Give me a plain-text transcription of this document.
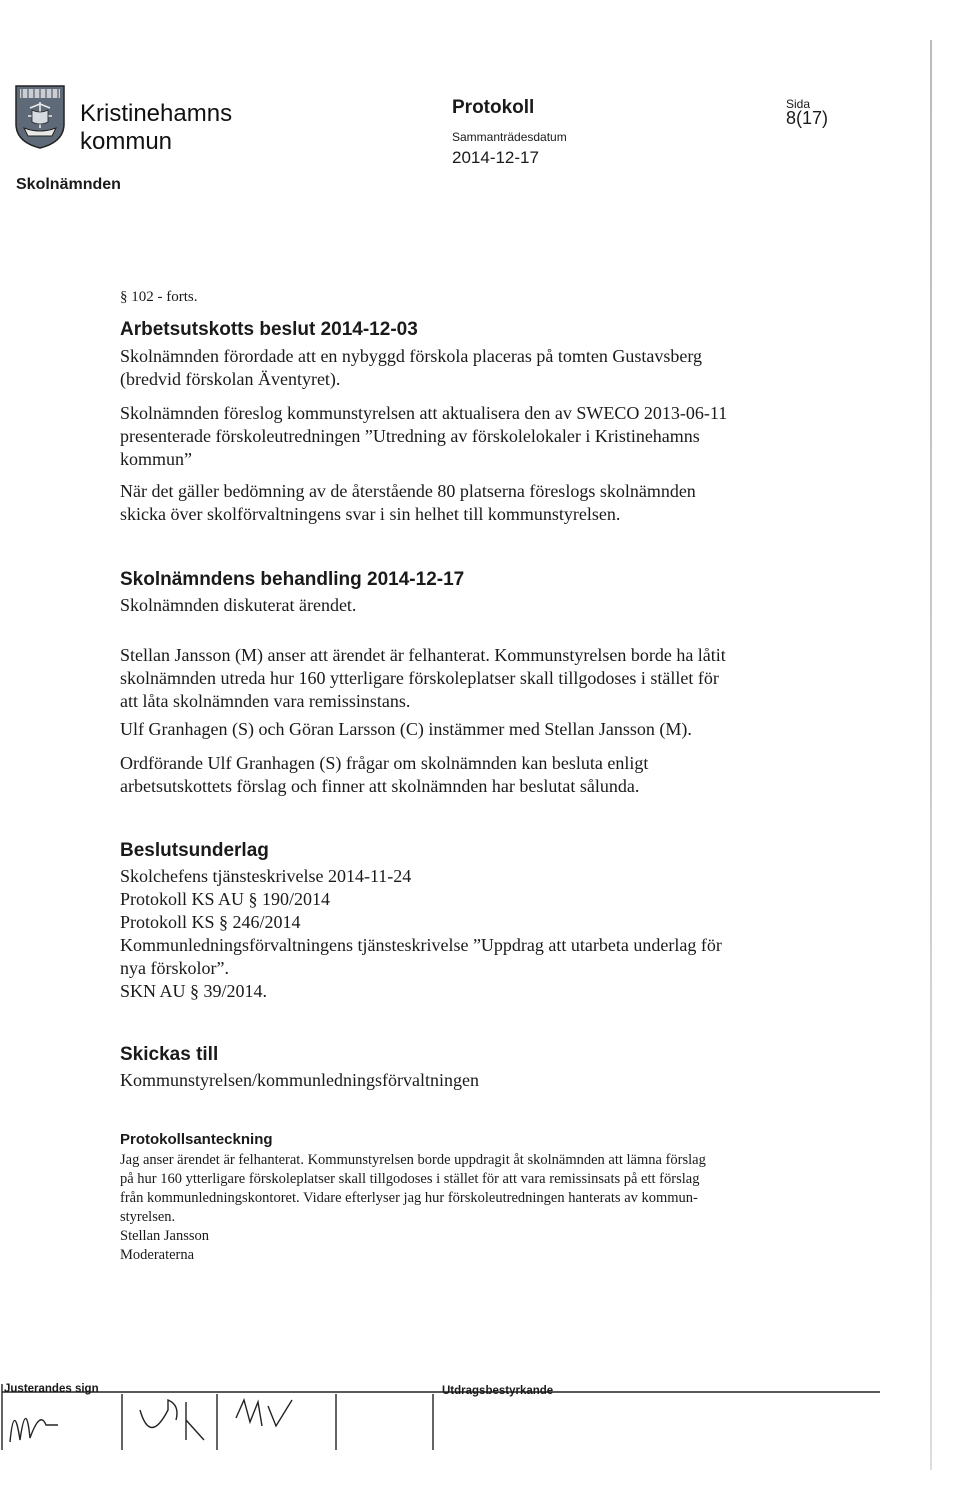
Kristinehamns
kommun
Skolnämnden
Protokoll
Sammanträdesdatum
2014-12-17
Sida
8(17)
§ 102 - forts.
Arbetsutskotts beslut 2014-12-03
Skolnämnden förordade att en nybyggd förskola placeras på tomten Gustavsberg
(bredvid förskolan Äventyret).
Skolnämnden föreslog kommunstyrelsen att aktualisera den av SWECO 2013-06-11
presenterade förskoleutredningen ”Utredning av förskolelokaler i Kristinehamns
kommun”
När det gäller bedömning av de återstående 80 platserna föreslogs skolnämnden
skicka över skolförvaltningens svar i sin helhet till kommunstyrelsen.
Skolnämndens behandling 2014-12-17
Skolnämnden diskuterat ärendet.
Stellan Jansson (M) anser att ärendet är felhanterat. Kommunstyrelsen borde ha låtit
skolnämnden utreda hur 160 ytterligare förskoleplatser skall tillgodoses i stället för
att låta skolnämnden vara remissinstans.
Ulf Granhagen (S) och Göran Larsson (C) instämmer med Stellan Jansson (M).
Ordförande Ulf Granhagen (S) frågar om skolnämnden kan besluta enligt
arbetsutskottets förslag och finner att skolnämnden har beslutat sålunda.
Beslutsunderlag
Skolchefens tjänsteskrivelse 2014-11-24
Protokoll KS AU § 190/2014
Protokoll KS § 246/2014
Kommunledningsförvaltningens tjänsteskrivelse ”Uppdrag att utarbeta underlag för
nya förskolor”.
SKN AU § 39/2014.
Skickas till
Kommunstyrelsen/kommunledningsförvaltningen
Protokollsanteckning
Jag anser ärendet är felhanterat. Kommunstyrelsen borde uppdragit åt skolnämnden att lämna förslag
på hur 160 ytterligare förskoleplatser skall tillgodoses i stället för att vara remissinsats på ett förslag
från kommunledningskontoret. Vidare efterlyser jag hur förskoleutredningen hanterats av kommun-
styrelsen.
Stellan Jansson
Moderaterna
Justerandes sign	Utdragsbestyrkande
